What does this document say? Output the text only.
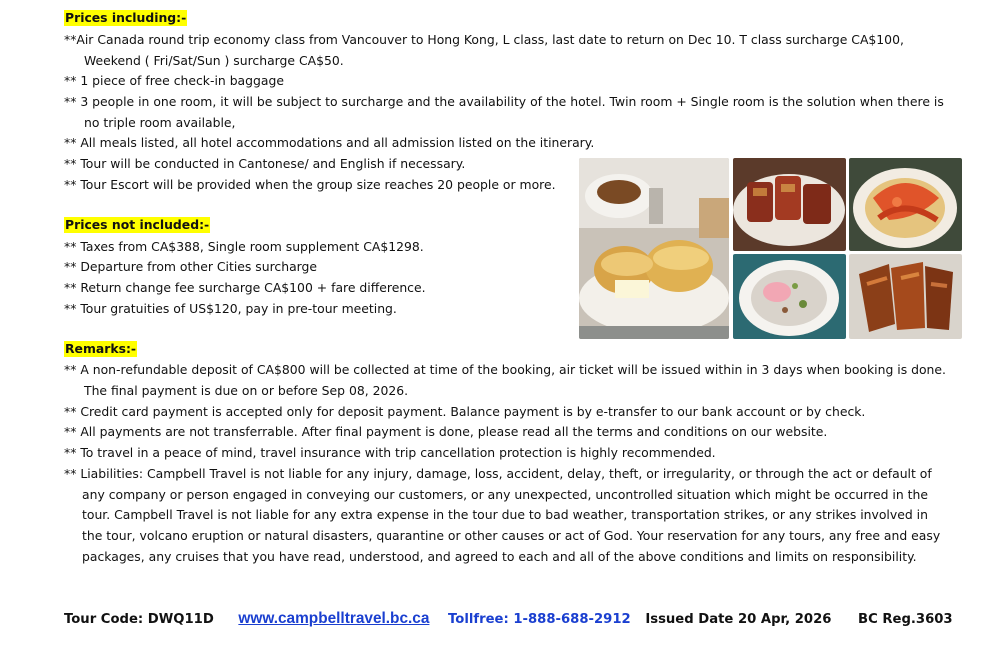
Prices including:-
**Air Canada round trip economy class from Vancouver to Hong Kong, L class, last date to return on Dec 10. T class surcharge CA$100,
Weekend ( Fri/Sat/Sun ) surcharge CA$50.
** 1 piece of free check-in baggage
** 3 people in one room, it will be subject to surcharge and the availability of the hotel. Twin room + Single room is the solution when there is
no triple room available,
** All meals listed, all hotel accommodations and all admission listed on the itinerary.
** Tour will be conducted in Cantonese/ and English if necessary.
** Tour Escort will be provided when the group size reaches 20 people or more.
Prices not included:-
** Taxes from CA$388, Single room supplement CA$1298.
** Departure from other Cities surcharge
** Return change fee surcharge CA$100 + fare difference.
** Tour gratuities of US$120, pay in pre-tour meeting.
Remarks:-
** A non-refundable deposit of CA$800 will be collected at time of the booking, air ticket will be issued within in 3 days when booking is done.
The final payment is due on or before Sep 08, 2026.
** Credit card payment is accepted only for deposit payment. Balance payment is by e-transfer to our bank account or by check.
** All payments are not transferrable. After final payment is done, please read all the terms and conditions on our website.
** To travel in a peace of mind, travel insurance with trip cancellation protection is highly recommended.
** Liabilities: Campbell Travel is not liable for any injury, damage, loss, accident, delay, theft, or irregularity, or through the act or default of
any company or person engaged in conveying our customers, or any unexpected, uncontrolled situation which might be occurred in the
tour. Campbell Travel is not liable for any extra expense in the tour due to bad weather, transportation strikes, or any strikes involved in
the tour, volcano eruption or natural disasters, quarantine or other causes or act of God. Your reservation for any tours, any free and easy
packages, any cruises that you have read, understood, and agreed to each and all of the above conditions and limits on responsibility.
Tour Code: DWQ11D www.campbelltravel.bc.ca Tollfree: 1-888-688-2912 Issued Date 20 Apr, 2026 BC Reg.3603
